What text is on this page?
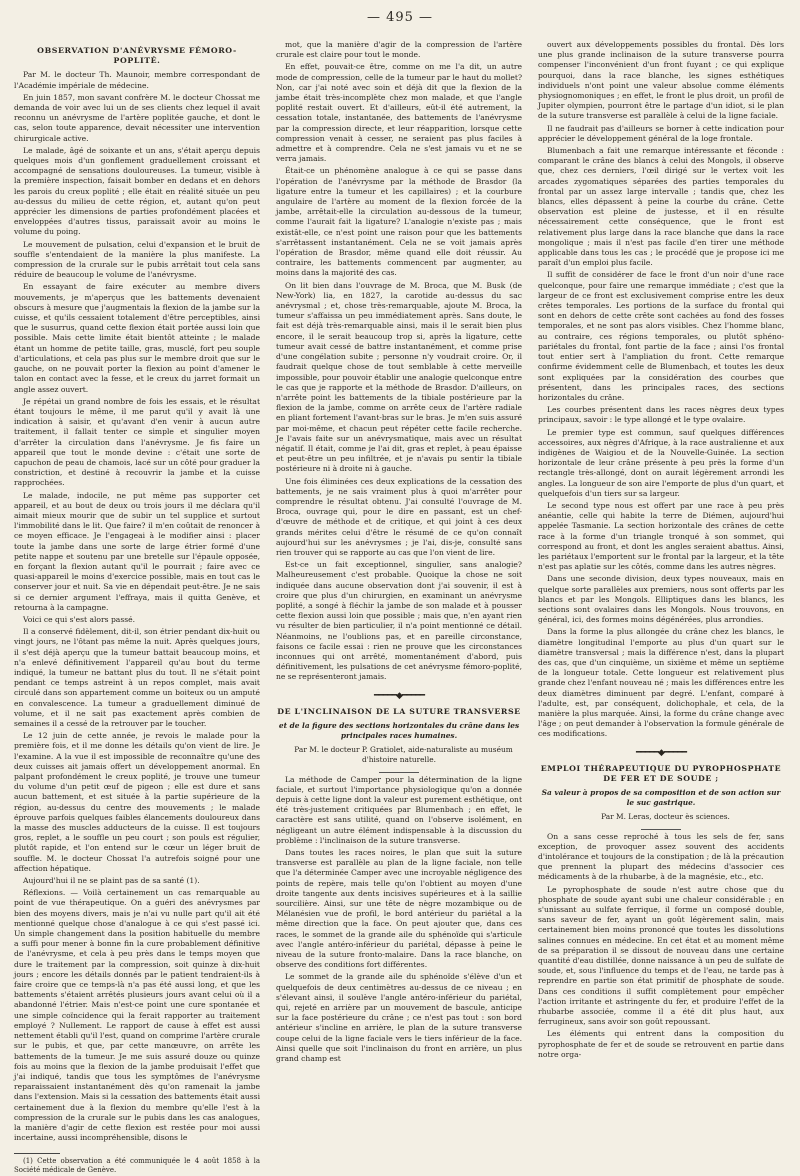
— 495 —
OBSERVATION D'ANÉVRYSME FÉMORO-POPLITÉ.

Par M. le docteur Th. Maunoir, membre correspondant de l'Académie impériale de médecine.

En juin 1857, mon savant confrère M. le docteur Chossat me demanda de voir avec lui un de ses clients chez lequel il avait reconnu un anévrysme de l'artère poplitée gauche, et dont le cas, selon toute apparence, devait nécessiter une intervention chirurgicale active.

Le malade, âgé de soixante et un ans, s'était aperçu depuis quelques mois d'un gonflement graduellement croissant et accompagné de sensations douloureuses. La tumeur, visible à la première inspection, faisait bomber en dedans et en dehors les parois du creux poplité ; elle était en réalité située un peu au-dessus du milieu de cette région, et, autant qu'on peut apprécier les dimensions de parties profondément placées et enveloppées d'autres tissus, paraissait avoir au moins le volume du poing.

Le mouvement de pulsation, celui d'expansion et le bruit de souffle s'entendaient de la manière la plus manifeste. La compression de la crurale sur le pubis arrêtait tout cela sans réduire de beaucoup le volume de l'anévrysme.

En essayant de faire exécuter au membre divers mouvements, je m'aperçus que les battements devenaient obscurs à mesure que j'augmentais la flexion de la jambe sur la cuisse, et qu'ils cessaient totalement d'être perceptibles, ainsi que le susurrus, quand cette flexion était portée aussi loin que possible. Mais cette limite était bientôt atteinte ; le malade étant un homme de petite taille, gras, musclé, fort peu souple d'articulations, et cela pas plus sur le membre droit que sur le gauche, on ne pouvait porter la flexion au point d'amener le talon en contact avec la fesse, et le creux du jarret formait un angle assez ouvert.

Je répétai un grand nombre de fois les essais, et le résultat étant toujours le même, il me parut qu'il y avait là une indication à saisir, et qu'avant d'en venir à aucun autre traitement, il fallait tenter ce simple et singulier moyen d'arrêter la circulation dans l'anévrysme. Je fis faire un appareil que tout le monde devine : c'était une sorte de capuchon de peau de chamois, lacé sur un côté pour graduer la constriction, et destiné à recouvrir la jambe et la cuisse rapprochées.

Le malade, indocile, ne put même pas supporter cet appareil, et au bout de deux ou trois jours il me déclara qu'il aimait mieux mourir que de subir un tel supplice et surtout l'immobilité dans le lit. Que faire? il m'en coûtait de renoncer à ce moyen efficace. Je l'engageai à le modifier ainsi : placer toute la jambe dans une sorte de large étrier formé d'une petite nappe et soutenu par une bretelle sur l'épaule opposée, en forçant la flexion autant qu'il le pourrait ; faire avec ce quasi-appareil le moins d'exercice possible, mais en tout cas le conserver jour et nuit. Sa vie en dépendait peut-être. Je ne sais si ce dernier argument l'effraya, mais il quitta Genève, et retourna à la campagne.

Voici ce qui s'est alors passé.

Il a conservé fidèlement, dit-il, son étrier pendant dix-huit ou vingt jours, ne l'ôtant pas même la nuit. Après quelques jours, il s'est déjà aperçu que la tumeur battait beaucoup moins, et n'a enlevé définitivement l'appareil qu'au bout du terme indiqué, la tumeur ne battant plus du tout. Il ne s'était point pendant ce temps astreint à un repos complet, mais avait circulé dans son appartement comme un boiteux ou un amputé en convalescence. La tumeur a graduellement diminué de volume, et il ne sait pas exactement après combien de semaines il a cessé de la retrouver par le toucher.

Le 12 juin de cette année, je revois le malade pour la première fois, et il me donne les détails qu'on vient de lire. Je l'examine. A la vue il est impossible de reconnaître qu'une des deux cuisses ait jamais offert un développement anormal. En palpant profondément le creux poplité, je trouve une tumeur du volume d'un petit œuf de pigeon ; elle est dure et sans aucun battement, et est située à la partie supérieure de la région, au-dessus du centre des mouvements ; le malade éprouve parfois quelques faibles élancements douloureux dans la masse des muscles adducteurs de la cuisse. Il est toujours gros, replet, a le souffle un peu court ; son pouls est régulier, plutôt rapide, et l'on entend sur le cœur un léger bruit de souffle. M. le docteur Chossat l'a autrefois soigné pour une affection hépatique.

Aujourd'hui il ne se plaint pas de sa santé (1).

Réflexions. — Voilà certainement un cas remarquable au point de vue thérapeutique. On a guéri des anévrysmes par bien des moyens divers, mais je n'ai vu nulle part qu'il ait été mentionné quelque chose d'analogue à ce qui s'est passé ici. Un simple changement dans la position habituelle du membre a suffi pour mener à bonne fin la cure probablement définitive de l'anévrysme, et cela à peu près dans le temps moyen que dure le traitement par la compression, soit quinze à dix-huit jours ; encore les détails donnés par le patient tendraient-ils à faire croire que ce temps-là n'a pas été aussi long, et que les battements s'étaient arrêtés plusieurs jours avant celui où il a abandonné l'étrier. Mais n'est-ce point une cure spontanée et une simple coïncidence qui la ferait rapporter au traitement employé ? Nullement. Le rapport de cause à effet est aussi nettement établi qu'il l'est, quand on comprime l'artère crurale sur le pubis, et que, par cette manœuvre, on arrête les battements de la tumeur. Je me suis assuré douze ou quinze fois au moins que la flexion de la jambe produisait l'effet que j'ai indiqué, tandis que tous les symptômes de l'anévrysme reparaissaient instantanément dès qu'on ramenait la jambe dans l'extension. Mais si la cessation des battements était aussi certainement due à la flexion du membre qu'elle l'est à la compression de la crurale sur le pubis dans les cas analogues, la manière d'agir de cette flexion est restée pour moi aussi incertaine, aussi incompréhensible, disons le

(1) Cette observation a été communiquée le 4 août 1858 à la Société médicale de Genève.

mot, que la manière d'agir de la compression de l'artère crurale est claire pour tout le monde.

En effet, pouvait-ce être, comme on me l'a dit, un autre mode de compression, celle de la tumeur par le haut du mollet? Non, car j'ai noté avec soin et déjà dit que la flexion de la jambe était très-incomplète chez mon malade, et que l'angle poplité restait ouvert. Et d'ailleurs, eût-il été autrement, la cessation totale, instantanée, des battements de l'anévrysme par la compression directe, et leur réapparition, lorsque cette compression venait à cesser, ne seraient pas plus faciles à admettre et à comprendre. Cela ne s'est jamais vu et ne se verra jamais.

Était-ce un phénomène analogue à ce qui se passe dans l'opération de l'anévrysme par la méthode de Brasdor (la ligature entre la tumeur et les capillaires) ; et la courbure angulaire de l'artère au moment de la flexion forcée de la jambe, arrêtait-elle la circulation au-dessous de la tumeur, comme l'aurait fait la ligature? L'analogie n'existe pas ; mais existât-elle, ce n'est point une raison pour que les battements s'arrêtassent instantanément. Cela ne se voit jamais après l'opération de Brasdor, même quand elle doit réussir. Au contraire, les battements commencent par augmenter, au moins dans la majorité des cas.

On lit bien dans l'ouvrage de M. Broca, que M. Busk (de New-York) lia, en 1827, la carotide au-dessus du sac anévrysmal ; et, chose très-remarquable, ajoute M. Broca, la tumeur s'affaissa un peu immédiatement après. Sans doute, le fait est déjà très-remarquable ainsi, mais il le serait bien plus encore, il le serait beaucoup trop si, après la ligature, cette tumeur avait cessé de battre instantanément, et comme prise d'une congélation subite ; personne n'y voudrait croire. Or, il faudrait quelque chose de tout semblable à cette merveille impossible, pour pouvoir établir une analogie quelconque entre le cas que je rapporte et la méthode de Brasdor. D'ailleurs, on n'arrête point les battements de la tibiale postérieure par la flexion de la jambe, comme on arrête ceux de l'artère radiale en pliant fortement l'avant-bras sur le bras. Je m'en suis assuré par moi-même, et chacun peut répéter cette facile recherche. Je l'avais faite sur un anévrysmatique, mais avec un résultat négatif. Il était, comme je l'ai dit, gras et replet, à peau épaisse et peut-être un peu infiltrée, et je n'avais pu sentir la tibiale postérieure ni à droite ni à gauche.

Une fois éliminées ces deux explications de la cessation des battements, je ne sais vraiment plus à quoi m'arrêter pour comprendre le résultat obtenu. J'ai consulté l'ouvrage de M. Broca, ouvrage qui, pour le dire en passant, est un chef-d'œuvre de méthode et de critique, et qui joint à ces deux grands mérites celui d'être le résumé de ce qu'on connaît aujourd'hui sur les anévrysmes ; je l'ai, dis-je, consulté sans rien trouver qui se rapporte au cas que l'on vient de lire.

Est-ce un fait exceptionnel, singulier, sans analogie? Malheureusement c'est probable. Quoique la chose ne soit indiquée dans aucune observation dont j'ai souvenir, il est à croire que plus d'un chirurgien, en examinant un anévrysme poplité, a songé à fléchir la jambe de son malade et à pousser cette flexion aussi loin que possible ; mais que, n'en ayant rien vu résulter de bien particulier, il n'a point mentionné ce détail. Néanmoins, ne l'oublions pas, et en pareille circonstance, faisons ce facile essai : rien ne prouve que les circonstances inconnues qui ont arrêté, momentanément d'abord, puis définitivement, les pulsations de cet anévrysme fémoro-poplité, ne se représenteront jamais.

━━━━━◆━━━━━
DE L'INCLINAISON DE LA SUTURE TRANSVERSE
et de la figure des sections horizontales du crâne dans les principales races humaines.

Par M. le docteur P. Gratiolet, aide-naturaliste au muséum d'histoire naturelle.

La méthode de Camper pour la détermination de la ligne faciale, et surtout l'importance physiologique qu'on a donnée depuis à cette ligne dont la valeur est purement esthétique, ont été très-justement critiquées par Blumenbach ; en effet, le caractère est sans utilité, quand on l'observe isolément, en négligeant un autre élément indispensable à la discussion du problème : l'inclinaison de la suture transverse.

Dans toutes les races noires, le plan que suit la suture transverse est parallèle au plan de la ligne faciale, non telle que l'a déterminée Camper avec une incroyable négligence des points de repère, mais telle qu'on l'obtient au moyen d'une droite tangente aux dents incisives supérieures et à la saillie sourcilière. Ainsi, sur une tête de nègre mozambique ou de Mélanésien vue de profil, le bord antérieur du pariétal a la même direction que la face. On peut ajouter que, dans ces races, le sommet de la grande aile du sphénoïde qui s'articule avec l'angle antéro-inférieur du pariétal, dépasse à peine le niveau de la suture fronto-malaire. Dans la race blanche, on observe des conditions fort différentes.

Le sommet de la grande aile du sphénoïde s'élève d'un et quelquefois de deux centimètres au-dessus de ce niveau ; en s'élevant ainsi, il soulève l'angle antéro-inférieur du pariétal, qui, rejeté en arrière par un mouvement de bascule, anticipe sur la face postérieure du crâne ; ce n'est pas tout : son bord antérieur s'incline en arrière, le plan de la suture transverse coupe celui de la ligne faciale vers le tiers inférieur de la face. Ainsi quelle que soit l'inclinaison du front en arrière, un plus grand champ est

ouvert aux développements possibles du frontal. Dès lors une plus grande inclinaison de la suture transverse pourra compenser l'inconvénient d'un front fuyant ; ce qui explique pourquoi, dans la race blanche, les signes esthétiques individuels n'ont point une valeur absolue comme éléments physiognomoniques ; en effet, le front le plus droit, un profil de Jupiter olympien, pourront être le partage d'un idiot, si le plan de la suture transverse est parallèle à celui de la ligne faciale.

Il ne faudrait pas d'ailleurs se borner à cette indication pour apprécier le développement général de la loge frontale.

Blumenbach a fait une remarque intéressante et féconde : comparant le crâne des blancs à celui des Mongols, il observe que, chez ces derniers, l'œil dirigé sur le vertex voit les arcades zygomatiques séparées des parties temporales du frontal par un assez large intervalle ; tandis que, chez les blancs, elles dépassent à peine la courbe du crâne. Cette observation est pleine de justesse, et il en résulte nécessairement cette conséquence, que le front est relativement plus large dans la race blanche que dans la race mongolique ; mais il n'est pas facile d'en tirer une méthode applicable dans tous les cas ; le procédé que je propose ici me paraît d'un emploi plus facile.

Il suffit de considérer de face le front d'un noir d'une race quelconque, pour faire une remarque immédiate ; c'est que la largeur de ce front est exclusivement comprise entre les deux crêtes temporales. Les portions de la surface du frontal qui sont en dehors de cette crête sont cachées au fond des fosses temporales, et ne sont pas alors visibles. Chez l'homme blanc, au contraire, ces régions temporales, ou plutôt sphéno-pariétales du frontal, font partie de la face ; ainsi l'os frontal tout entier sert à l'ampliation du front. Cette remarque confirme évidemment celle de Blumenbach, et toutes les deux sont expliquées par la considération des courbes que présentent, dans les principales races, des sections horizontales du crâne.

Les courbes présentent dans les races nègres deux types principaux, savoir : le type allongé et le type ovalaire.

Le premier type est commun, sauf quelques différences accessoires, aux nègres d'Afrique, à la race australienne et aux indigènes de Waigiou et de la Nouvelle-Guinée. La section horizontale de leur crâne présente à peu près la forme d'un rectangle très-allongé, dont on aurait légèrement arrondi les angles. La longueur de son aire l'emporte de plus d'un quart, et quelquefois d'un tiers sur sa largeur.

Le second type nous est offert par une race à peu près anéantie, celle qui habite la terre de Diémen, aujourd'hui appelée Tasmanie. La section horizontale des crânes de cette race à la forme d'un triangle tronqué à son sommet, qui correspond au front, et dont les angles seraient abattus. Ainsi, les pariétaux l'emportent sur le frontal par la largeur, et la tête n'est pas aplatie sur les côtés, comme dans les autres nègres.

Dans une seconde division, deux types nouveaux, mais en quelque sorte parallèles aux premiers, nous sont offerts par les blancs et par les Mongols. Elliptiques dans les blancs, les sections sont ovalaires dans les Mongols. Nous trouvons, en général, ici, des formes moins dégénérées, plus arrondies.

Dans la forme la plus allongée du crâne chez les blancs, le diamètre longitudinal l'emporte au plus d'un quart sur le diamètre transversal ; mais la différence n'est, dans la plupart des cas, que d'un cinquième, un sixième et même un septième de la longueur totale. Cette longueur est relativement plus grande chez l'enfant nouveau né ; mais les différences entre les deux diamètres diminuent par degré. L'enfant, comparé à l'adulte, est, par conséquent, dolichophale, et cela, de la manière la plus marquée. Ainsi, la forme du crâne change avec l'âge ; on peut demander à l'observation la formule générale de ces modifications.

━━━━━◆━━━━━
EMPLOI THÉRAPEUTIQUE DU PYROPHOSPHATE DE FER ET DE SOUDE ;
Sa valeur à propos de sa composition et de son action sur le suc gastrique.

Par M. Leras, docteur ès sciences.

On a sans cesse reproché à tous les sels de fer, sans exception, de provoquer assez souvent des accidents d'intolérance et toujours de la constipation ; de là la précaution que prennent la plupart des médecins d'associer ces médicaments à de la rhubarbe, à de la magnésie, etc., etc.

Le pyrophosphate de soude n'est autre chose que du phosphate de soude ayant subi une chaleur considérable ; en s'unissant au sulfate ferrique, il forme un composé double, sans saveur de fer, ayant un goût légèrement salin, mais certainement bien moins prononcé que toutes les dissolutions salines connues en médecine. En cet état et au moment même de sa préparation il se dissout de nouveau dans une certaine quantité d'eau distillée, donne naissance à un peu de sulfate de soude, et, sous l'influence du temps et de l'eau, ne tarde pas à reprendre en partie son état primitif de phosphate de soude. Dans ces conditions il suffit complètement pour empêcher l'action irritante et astringente du fer, et produire l'effet de la rhubarbe associée, comme il a été dit plus haut, aux ferrugineux, sans avoir son goût repoussant.

Les éléments qui entrent dans la composition du pyrophosphate de fer et de soude se retrouvent en partie dans notre orga-
